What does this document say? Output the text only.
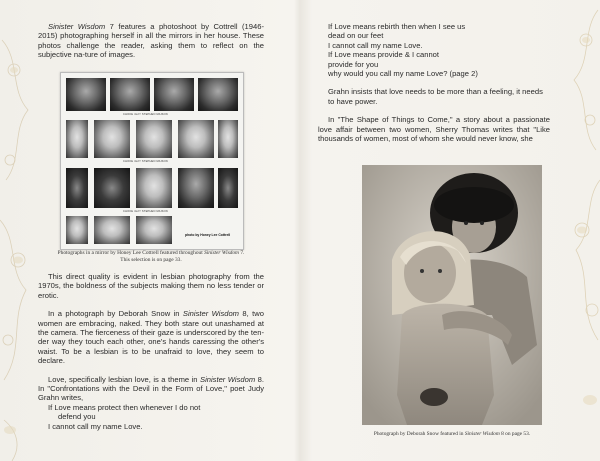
Sinister Wisdom 7 features a photoshoot by Cottrell (1946-2015) photographing herself in all the mirrors in her house. These photos challenge the reader, asking them to reflect on the subjective na-ture of images.

CHOKE 4L2Y STEPHEN MAISON
CHOKE 4L2Y STEPHEN MAISON
CHOKE 4L2Y STEPHEN MAISON
photo by Honey Lee Cottrell
Photographs in a mirror by Honey Lee Cottrell featured throughout Sinister Wisdom 7.
This selection is on page 33.

This direct quality is evident in lesbian photography from the 1970s, the boldness of the subjects making them no less tender or erotic.

In a photograph by Deborah Snow in Sinister Wisdom 8, two women are embracing, naked. They both stare out unashamed at the camera. The fierceness of their gaze is underscored by the ten-der way they touch each other, one's hands caressing the other's waist. To be a lesbian is to be unafraid to love, they seem to declare.

Love, specifically lesbian love, is a theme in Sinister Wisdom 8. In "Confrontations with the Devil in the Form of Love," poet Judy Grahn writes,

If Love means protect then whenever I do not
defend you
I cannot call my name Love.
If Love means rebirth then when I see us
dead on our feet
I cannot call my name Love.
If Love means provide & I cannot
provide for you
why would you call my name Love? (page 2)

Grahn insists that love needs to be more than a feeling, it needs to have power.

In "The Shape of Things to Come," a story about a passionate love affair between two women, Sherry Thomas writes that "Like thousands of women, most of whom she would never know, she

Photograph by Deborah Snow featured in Sinister Wisdom 8 on page 53.
